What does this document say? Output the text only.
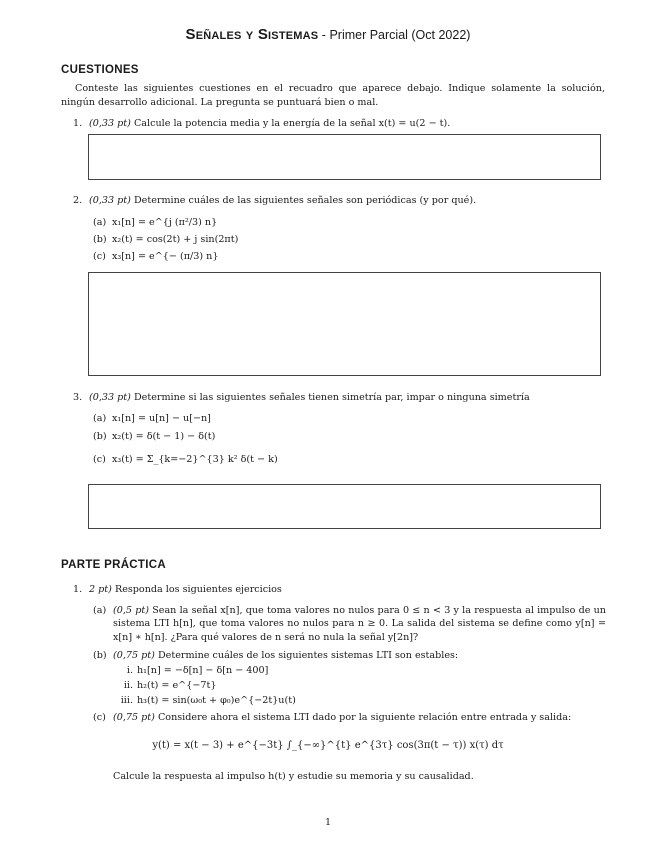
Señales y Sistemas - Primer Parcial (Oct 2022)
CUESTIONES
Conteste las siguientes cuestiones en el recuadro que aparece debajo. Indique solamente la solución, ningún desarrollo adicional. La pregunta se puntuará bien o mal.
1. (0,33 pt) Calcule la potencia media y la energía de la señal x(t) = u(2 − t).
2. (0,33 pt) Determine cuáles de las siguientes señales son periódicas (y por qué).
(a) x₁[n] = e^{j (π²/3) n}
(b) x₂(t) = cos(2t) + j sin(2πt)
(c) x₃[n] = e^{− (π/3) n}
3. (0,33 pt) Determine si las siguientes señales tienen simetría par, impar o ninguna simetría
(a) x₁[n] = u[n] − u[−n]
(b) x₂(t) = δ(t − 1) − δ(t)
(c) x₃(t) = Σ_{k=−2}^{3} k² δ(t − k)
PARTE PRÁCTICA
1. 2 pt) Responda los siguientes ejercicios
(a) (0,5 pt) Sean la señal x[n], que toma valores no nulos para 0 ≤ n < 3 y la respuesta al impulso de un sistema LTI h[n], que toma valores no nulos para n ≥ 0. La salida del sistema se define como y[n] = x[n] ∗ h[n]. ¿Para qué valores de n será no nula la señal y[2n]?
(b) (0,75 pt) Determine cuáles de los siguientes sistemas LTI son estables:
i. h₁[n] = −δ[n] − δ[n − 400]
ii. h₂(t) = e^{−7t}
iii. h₃(t) = sin(ω₀t + φ₀)e^{−2t}u(t)
(c) (0,75 pt) Considere ahora el sistema LTI dado por la siguiente relación entre entrada y salida:
y(t) = x(t − 3) + e^{−3t} ∫_{−∞}^{t} e^{3τ} cos(3π(t − τ)) x(τ) dτ
Calcule la respuesta al impulso h(t) y estudie su memoria y su causalidad.
1
